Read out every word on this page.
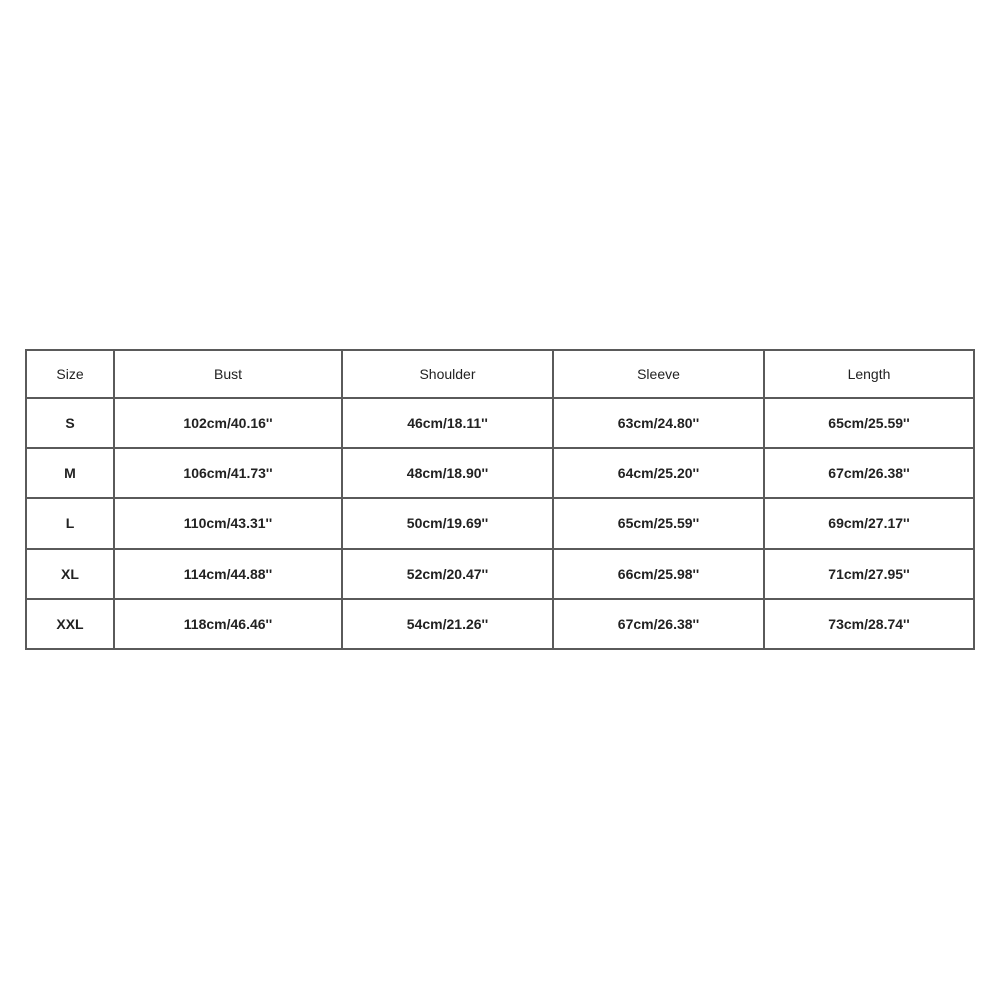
Size	Bust	Shoulder	Sleeve	Length
S	102cm/40.16''	46cm/18.11''	63cm/24.80''	65cm/25.59''
M	106cm/41.73''	48cm/18.90''	64cm/25.20''	67cm/26.38''
L	110cm/43.31''	50cm/19.69''	65cm/25.59''	69cm/27.17''
XL	114cm/44.88''	52cm/20.47''	66cm/25.98''	71cm/27.95''
XXL	118cm/46.46''	54cm/21.26''	67cm/26.38''	73cm/28.74''
